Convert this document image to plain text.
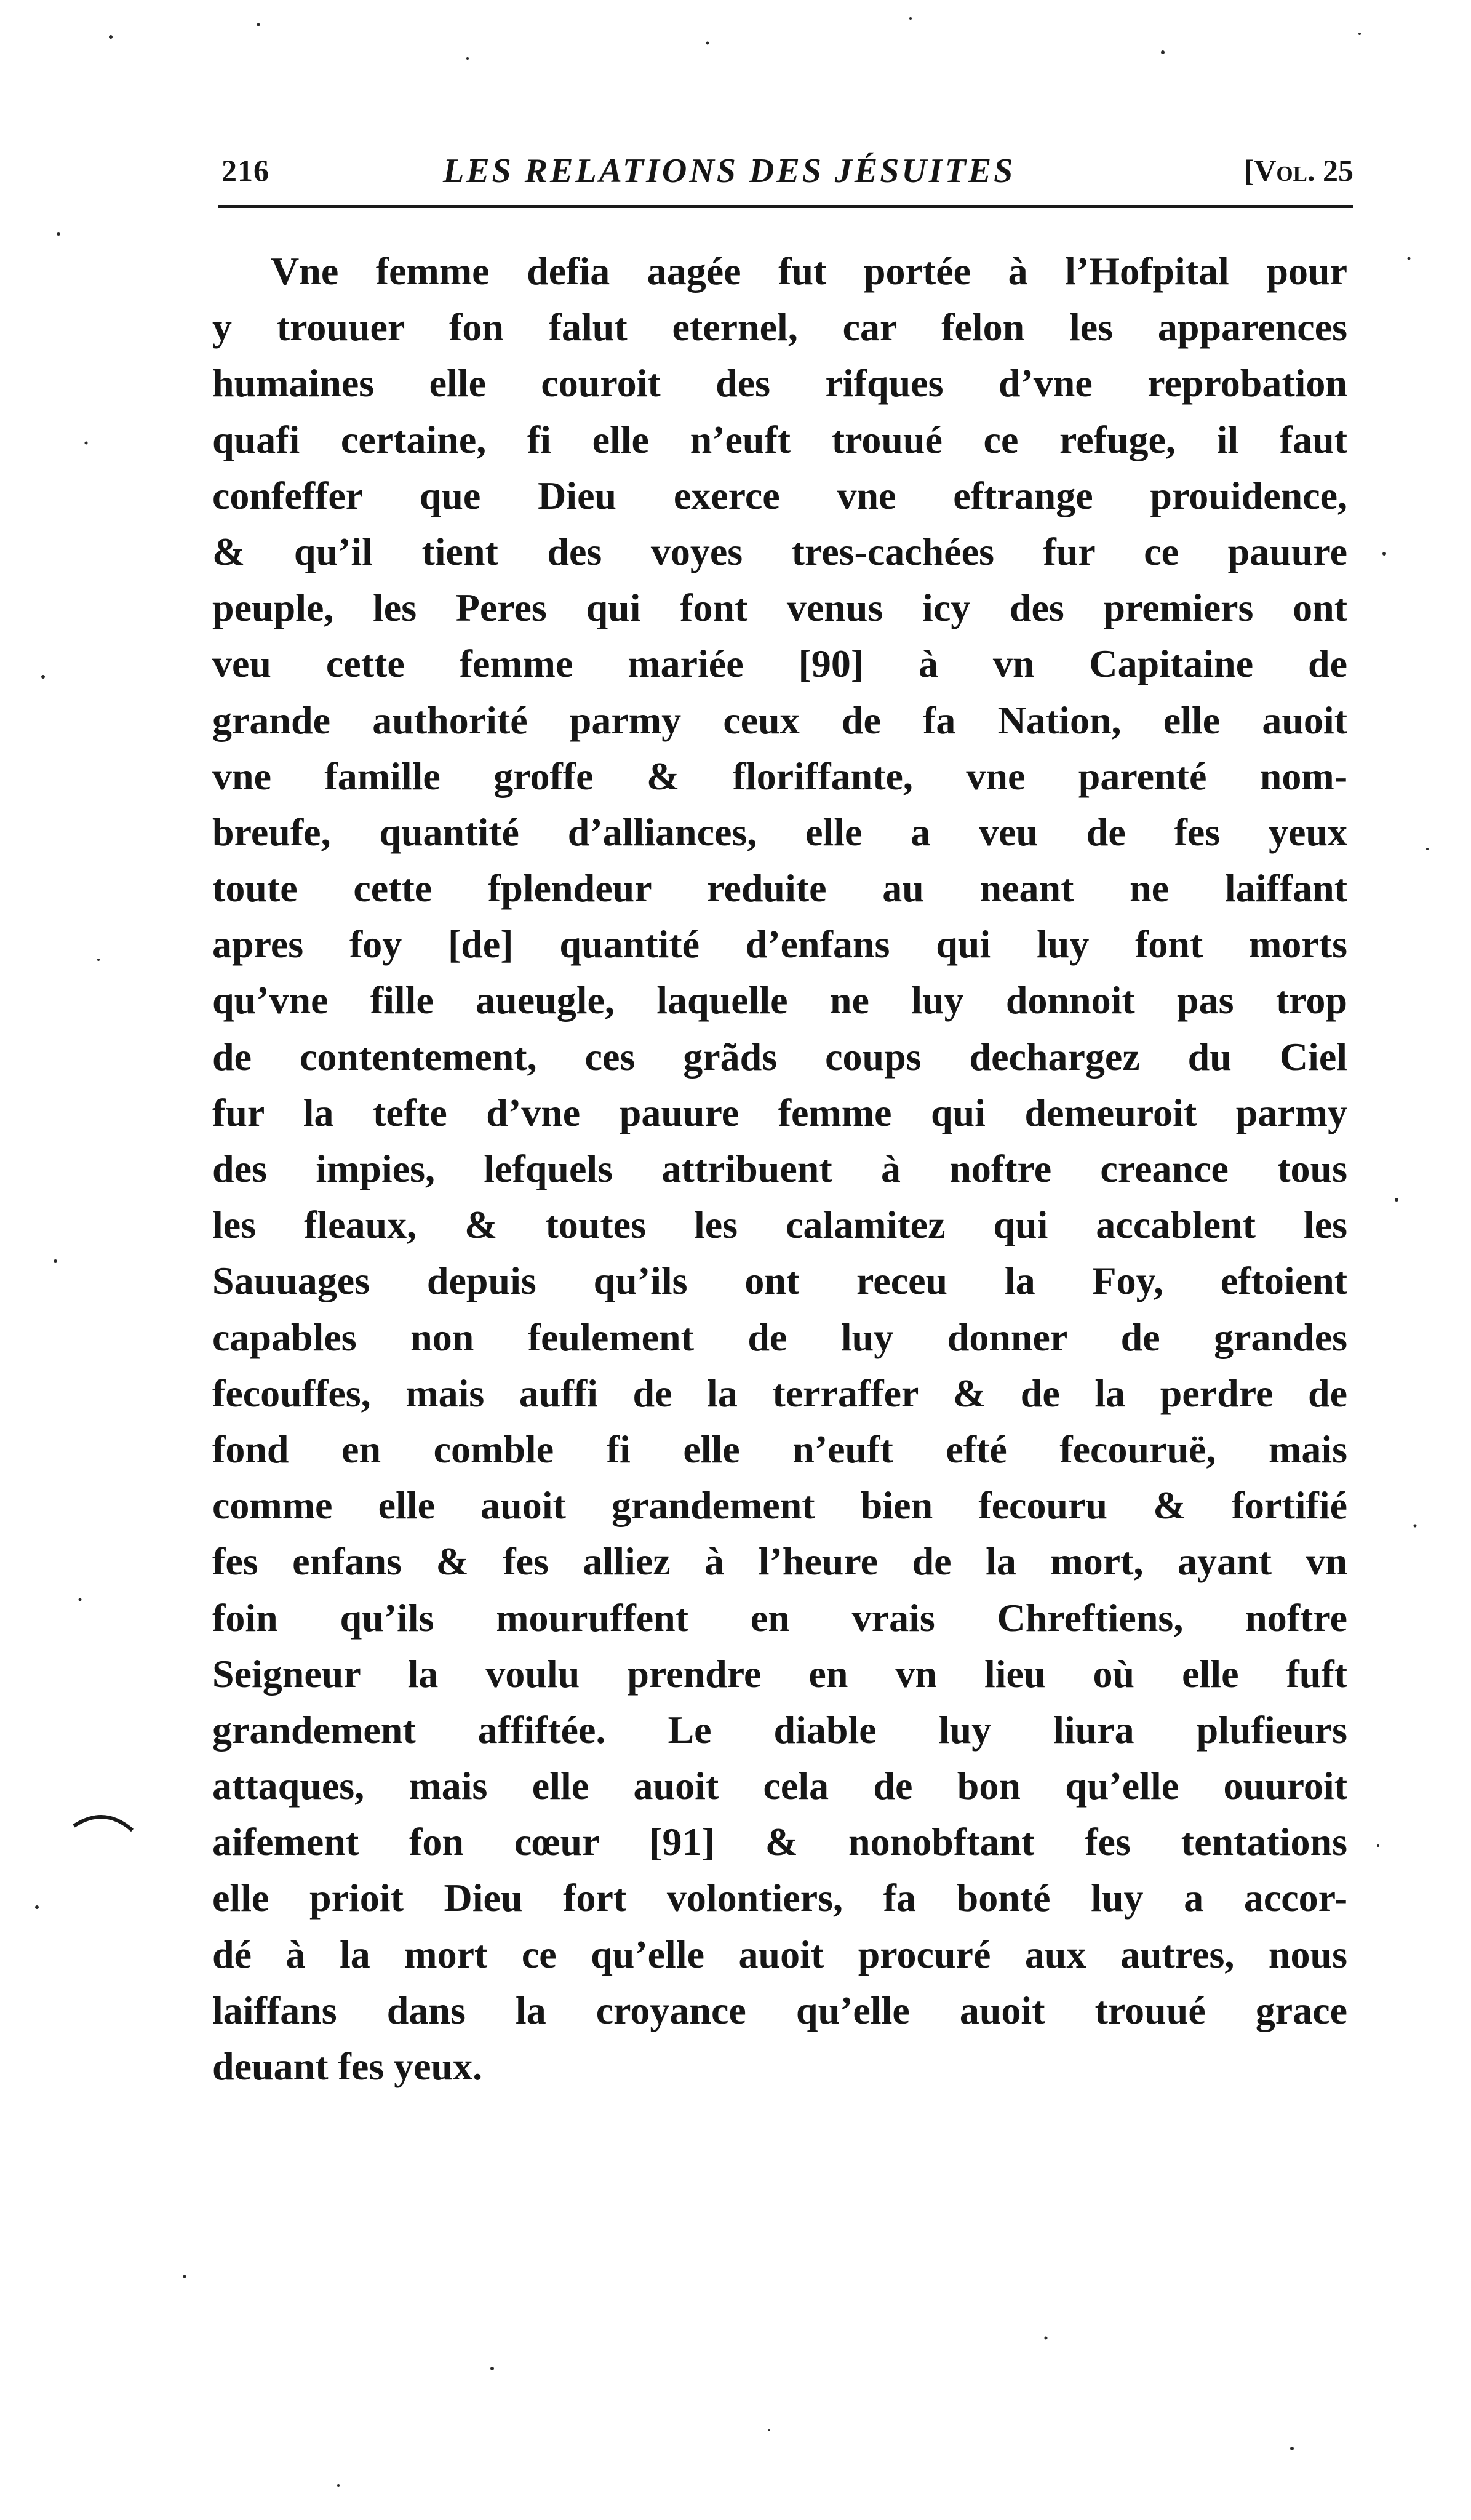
216	LES RELATIONS DES JÉSUITES	[Vol. 25
Vne femme defia aagée fut portée à l’Hofpital pour
y trouuer fon falut eternel, car felon les apparences
humaines elle couroit des rifques d’vne reprobation
quafi certaine, fi elle n’euft trouué ce refuge, il faut
confeffer que Dieu exerce vne eftrange prouidence,
& qu’il tient des voyes tres-cachées fur ce pauure
peuple, les Peres qui font venus icy des premiers ont
veu cette femme mariée [90] à vn Capitaine de
grande authorité parmy ceux de fa Nation, elle auoit
vne famille groffe & floriffante, vne parenté nom-
breufe, quantité d’alliances, elle a veu de fes yeux
toute cette fplendeur reduite au neant ne laiffant
apres foy [de] quantité d’enfans qui luy font morts
qu’vne fille aueugle, laquelle ne luy donnoit pas trop
de contentement, ces grãds coups dechargez du Ciel
fur la tefte d’vne pauure femme qui demeuroit parmy
des impies, lefquels attribuent à noftre creance tous
les fleaux, & toutes les calamitez qui accablent les
Sauuages depuis qu’ils ont receu la Foy, eftoient
capables non feulement de luy donner de grandes
fecouffes, mais auffi de la terraffer & de la perdre de
fond en comble fi elle n’euft efté fecouruë, mais
comme elle auoit grandement bien fecouru & fortifié
fes enfans & fes alliez à l’heure de la mort, ayant vn
foin qu’ils mouruffent en vrais Chreftiens, noftre
Seigneur la voulu prendre en vn lieu où elle fuft
grandement affiftée. Le diable luy liura plufieurs
attaques, mais elle auoit cela de bon qu’elle ouuroit
aifement fon cœur [91] & nonobftant fes tentations
elle prioit Dieu fort volontiers, fa bonté luy a accor-
dé à la mort ce qu’elle auoit procuré aux autres, nous
laiffans dans la croyance qu’elle auoit trouué grace
deuant fes yeux.
